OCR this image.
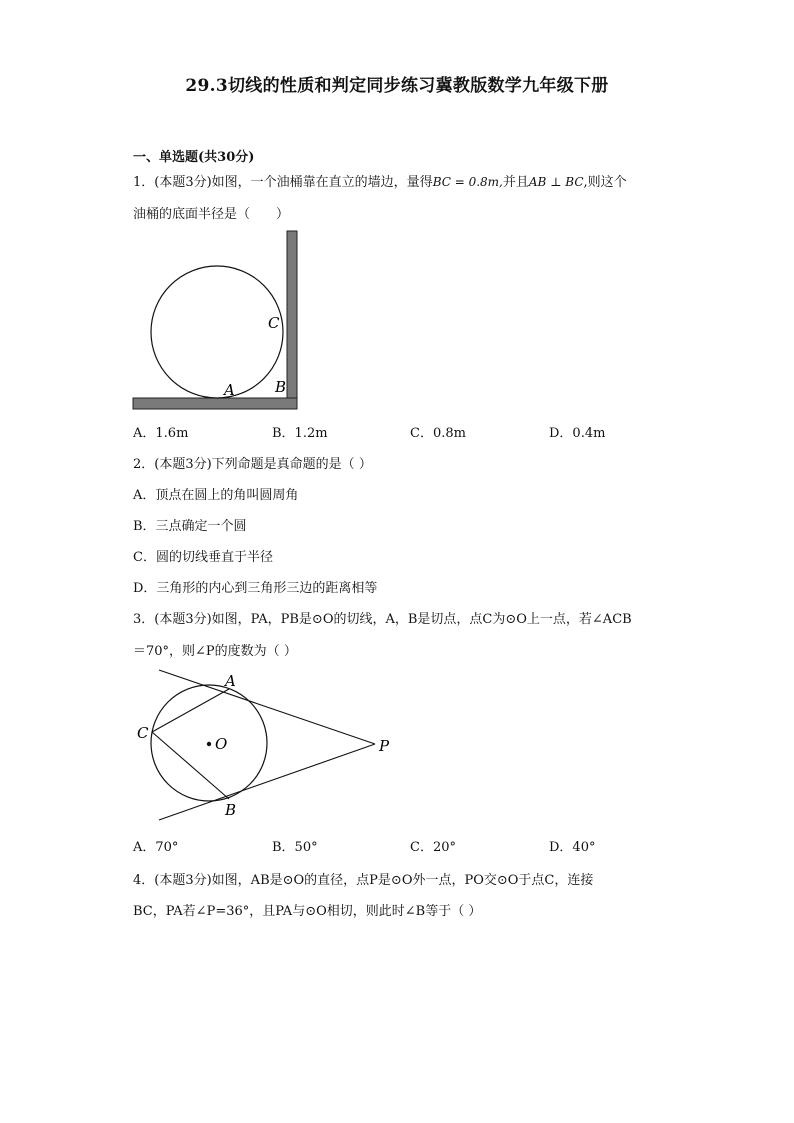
29.3切线的性质和判定同步练习冀教版数学九年级下册
一、单选题(共30分)
1．(本题3分)如图，一个油桶靠在直立的墙边，量得BC = 0.8m,并且AB ⊥ BC,则这个
油桶的底面半径是（　　）
A	B
C
A．1.6m	B．1.2m	C．0.8m	D．0.4m
2．(本题3分)下列命题是真命题的是（ ）
A．顶点在圆上的角叫圆周角
B．三点确定一个圆
C．圆的切线垂直于半径
D．三角形的内心到三角形三边的距离相等
3．(本题3分)如图，PA，PB是⊙O的切线，A，B是切点，点C为⊙O上一点，若∠ACB
＝70°，则∠P的度数为（ ）
A
B
C
O	P
A．70°	B．50°	C．20°	D．40°
4．(本题3分)如图，AB是⊙O的直径，点P是⊙O外一点，PO交⊙O于点C，连接
BC，PA若∠P=36°，且PA与⊙O相切，则此时∠B等于（ ）
